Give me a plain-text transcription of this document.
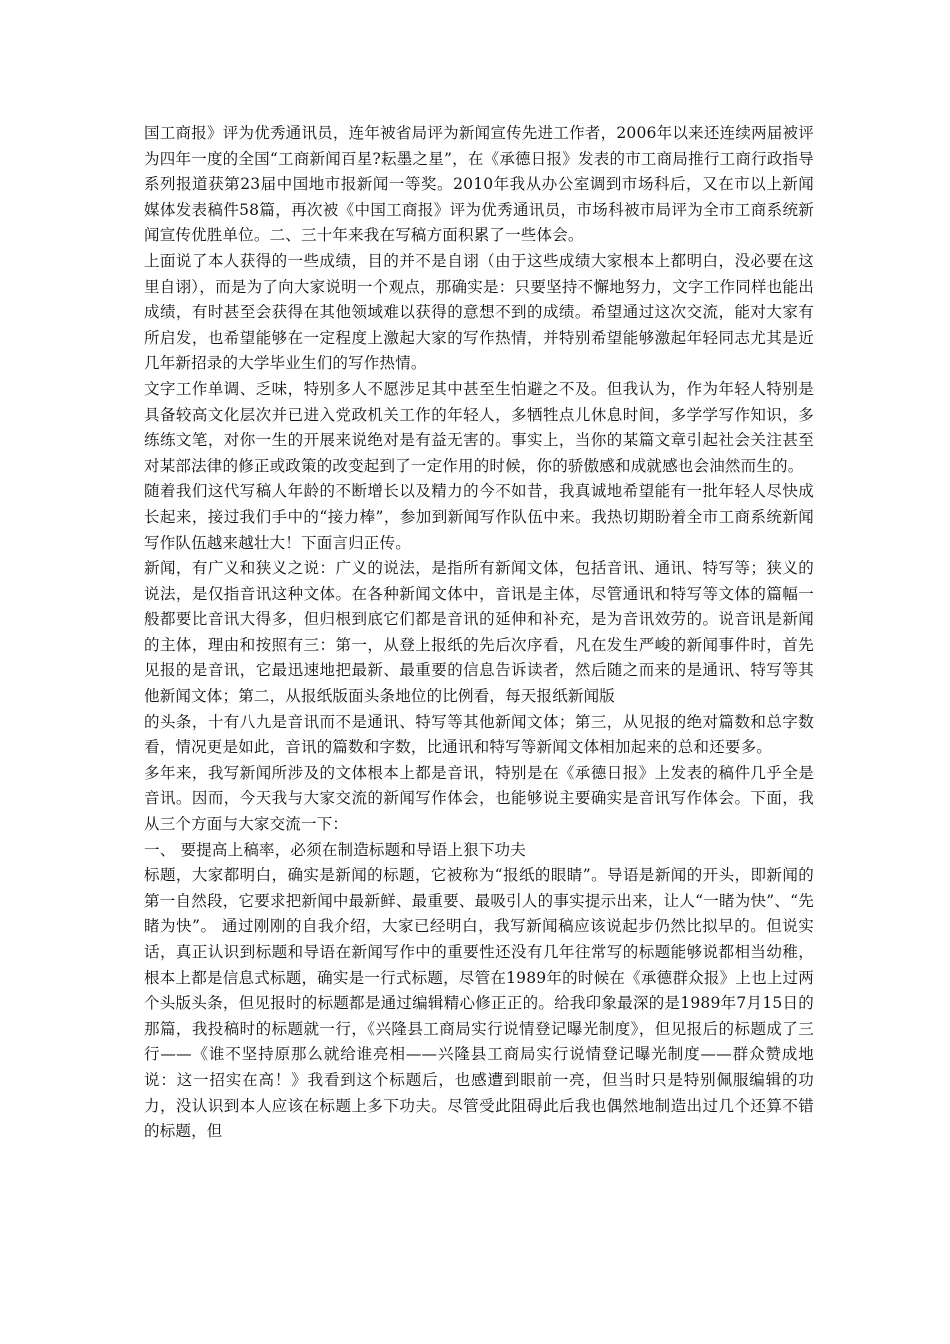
国工商报》评为优秀通讯员，连年被省局评为新闻宣传先进工作者，2006年以来还连续两届被评为四年一度的全国“工商新闻百星?耘墨之星”，在《承德日报》发表的市工商局推行工商行政指导系列报道获第23届中国地市报新闻一等奖。2010年我从办公室调到市场科后，又在市以上新闻媒体发表稿件58篇，再次被《中国工商报》评为优秀通讯员，市场科被市局评为全市工商系统新闻宣传优胜单位。二、三十年来我在写稿方面积累了一些体会。

上面说了本人获得的一些成绩，目的并不是自诩（由于这些成绩大家根本上都明白，没必要在这里自诩），而是为了向大家说明一个观点，那确实是：只要坚持不懈地努力，文字工作同样也能出成绩，有时甚至会获得在其他领域难以获得的意想不到的成绩。希望通过这次交流，能对大家有所启发，也希望能够在一定程度上激起大家的写作热情，并特别希望能够激起年轻同志尤其是近几年新招录的大学毕业生们的写作热情。

文字工作单调、乏味，特别多人不愿涉足其中甚至生怕避之不及。但我认为，作为年轻人特别是具备较高文化层次并已进入党政机关工作的年轻人，多牺牲点儿休息时间，多学学写作知识，多练练文笔，对你一生的开展来说绝对是有益无害的。事实上，当你的某篇文章引起社会关注甚至对某部法律的修正或政策的改变起到了一定作用的时候，你的骄傲感和成就感也会油然而生的。

随着我们这代写稿人年龄的不断增长以及精力的今不如昔，我真诚地希望能有一批年轻人尽快成长起来，接过我们手中的“接力棒”，参加到新闻写作队伍中来。我热切期盼着全市工商系统新闻写作队伍越来越壮大！下面言归正传。

新闻，有广义和狭义之说：广义的说法，是指所有新闻文体，包括音讯、通讯、特写等；狭义的说法，是仅指音讯这种文体。在各种新闻文体中，音讯是主体，尽管通讯和特写等文体的篇幅一般都要比音讯大得多，但归根到底它们都是音讯的延伸和补充，是为音讯效劳的。说音讯是新闻的主体，理由和按照有三：第一，从登上报纸的先后次序看，凡在发生严峻的新闻事件时，首先见报的是音讯，它最迅速地把最新、最重要的信息告诉读者，然后随之而来的是通讯、特写等其他新闻文体；第二，从报纸版面头条地位的比例看，每天报纸新闻版

的头条，十有八九是音讯而不是通讯、特写等其他新闻文体；第三，从见报的绝对篇数和总字数看，情况更是如此，音讯的篇数和字数，比通讯和特写等新闻文体相加起来的总和还要多。

多年来，我写新闻所涉及的文体根本上都是音讯，特别是在《承德日报》上发表的稿件几乎全是音讯。因而，今天我与大家交流的新闻写作体会，也能够说主要确实是音讯写作体会。下面，我从三个方面与大家交流一下：

一、 要提高上稿率，必须在制造标题和导语上狠下功夫

标题，大家都明白，确实是新闻的标题，它被称为“报纸的眼睛”。导语是新闻的开头，即新闻的第一自然段，它要求把新闻中最新鲜、最重要、最吸引人的事实提示出来，让人“一睹为快”、“先睹为快”。 通过刚刚的自我介绍，大家已经明白，我写新闻稿应该说起步仍然比拟早的。但说实话，真正认识到标题和导语在新闻写作中的重要性还没有几年往常写的标题能够说都相当幼稚，根本上都是信息式标题，确实是一行式标题，尽管在1989年的时候在《承德群众报》上也上过两个头版头条，但见报时的标题都是通过编辑精心修正正的。给我印象最深的是1989年7月15日的那篇，我投稿时的标题就一行，《兴隆县工商局实行说情登记曝光制度》，但见报后的标题成了三行——《谁不坚持原那么就给谁亮相——兴隆县工商局实行说情登记曝光制度——群众赞成地说：这一招实在高！》我看到这个标题后，也感遭到眼前一亮，但当时只是特别佩服编辑的功力，没认识到本人应该在标题上多下功夫。尽管受此阻碍此后我也偶然地制造出过几个还算不错的标题，但
